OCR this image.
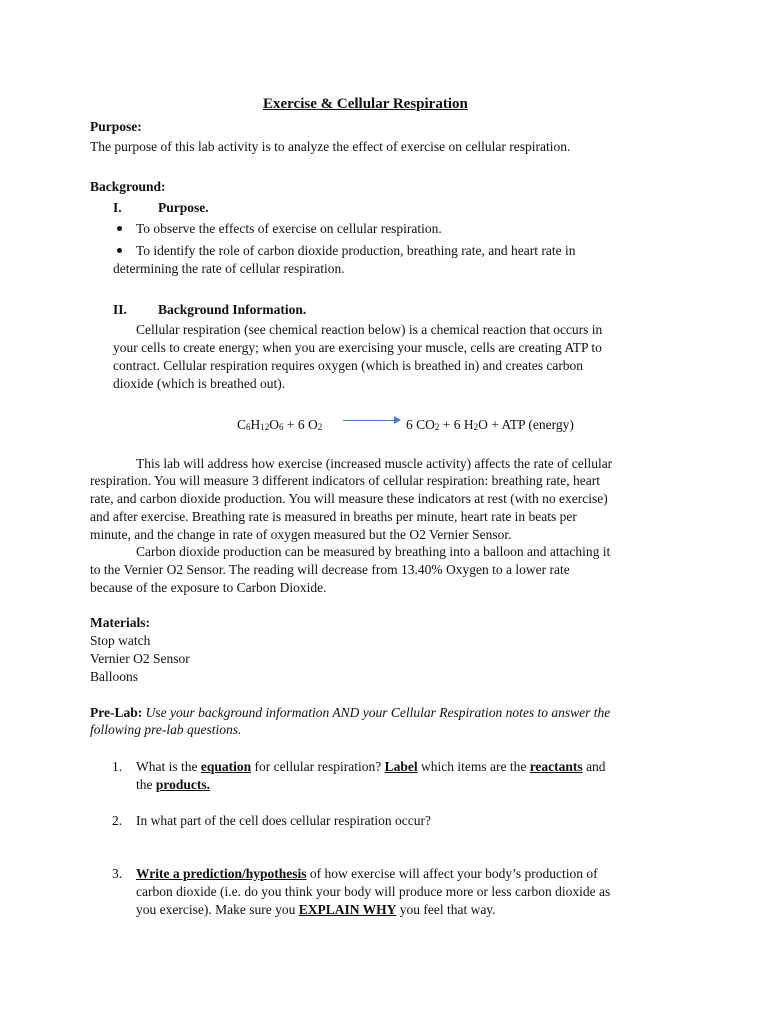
Exercise & Cellular Respiration
Purpose:
The purpose of this lab activity is to analyze the effect of exercise on cellular respiration.
Background:
I.	Purpose.
To observe the effects of exercise on cellular respiration.
To identify the role of carbon dioxide production, breathing rate, and heart rate in
determining the rate of cellular respiration.
II. Background Information.
Cellular respiration (see chemical reaction below) is a chemical reaction that occurs in
your cells to create energy; when you are exercising your muscle, cells are creating ATP to
contract. Cellular respiration requires oxygen (which is breathed in) and creates carbon
dioxide (which is breathed out).
$C_6H_{12}O_6 + 6$ $O_2$	6 $CO_2 + 6$ $H_2O$ + ATP (energy)
This lab will address how exercise (increased muscle activity) affects the rate of cellular
respiration. You will measure 3 different indicators of cellular respiration: breathing rate, heart
rate, and carbon dioxide production. You will measure these indicators at rest (with no exercise)
and after exercise. Breathing rate is measured in breaths per minute, heart rate in beats per
minute, and the change in rate of oxygen measured but the O2 Vernier Sensor.
Carbon dioxide production can be measured by breathing into a balloon and attaching it
to the Vernier O2 Sensor. The reading will decrease from 13.40% Oxygen to a lower rate
because of the exposure to Carbon Dioxide.
Materials:
Stop watch
Vernier O2 Sensor
Balloons
Pre-Lab: Use your background information AND your Cellular Respiration notes to answer the
following pre-lab questions.
1. What is the equation for cellular respiration? Label which items are the reactants and
the products.
2. In what part of the cell does cellular respiration occur?
3. Write a prediction/hypothesis of how exercise will affect your body’s production of
carbon dioxide (i.e. do you think your body will produce more or less carbon dioxide as
you exercise). Make sure you EXPLAIN WHY you feel that way.
